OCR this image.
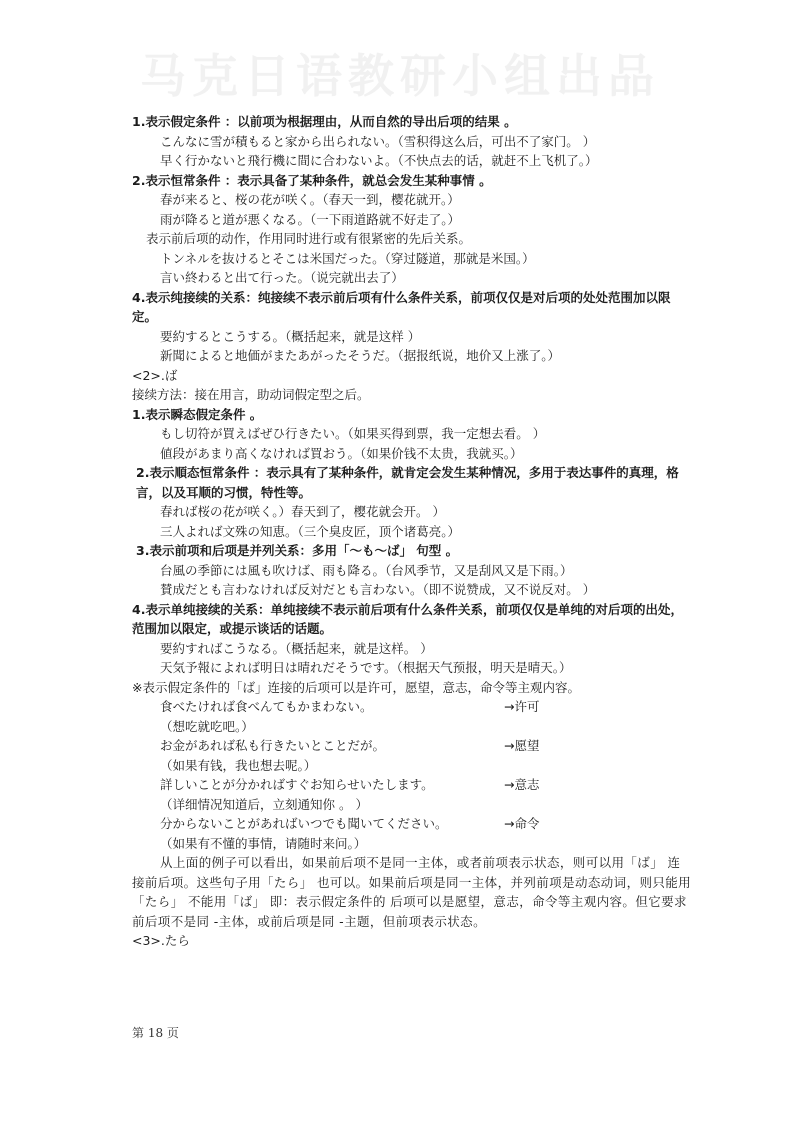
马克日语教研小组出品
1.表示假定条件 ：以前项为根据理由，从而自然的导出后项的结果 。
こんなに雪が積もると家から出られない。（雪积得这么后，可出不了家门。 ）
早く行かないと飛行機に間に合わないよ。（不快点去的话，就赶不上飞机了。）
2.表示恒常条件 ：表示具备了某种条件，就总会发生某种事情 。
春が来ると、桜の花が咲く。（春天一到，樱花就开。）
雨が降ると道が悪くなる。（一下雨道路就不好走了。）
表示前后项的动作，作用同时进行或有很紧密的先后关系。
トンネルを抜けるとそこは米国だった。（穿过隧道，那就是米国。）
言い終わると出て行った。（说完就出去了）
4.表示纯接续的关系：纯接续不表示前后项有什么条件关系，前项仅仅是对后项的处处范围加以限定。
要約するとこうする。（概括起来，就是这样 ）
新聞によると地価がまたあがったそうだ。（据报纸说，地价又上涨了。）
<2>.ば
接续方法：接在用言，助动词假定型之后。
1.表示瞬态假定条件 。
もし切符が買えばぜひ行きたい。（如果买得到票，我一定想去看。 ）
値段があまり高くなければ買おう。（如果价钱不太贵，我就买。）
2.表示順态恒常条件 ：表示具有了某种条件，就肯定会发生某种情况，多用于表达事件的真理，格言，以及耳顺的习惯，特性等。
春れば桜の花が咲く。）春天到了，樱花就会开。 ）
三人よれば文殊の知恵。（三个臭皮匠，顶个诸葛亮。）
3.表示前项和后项是并列关系：多用「～も～ば」 句型 。
台風の季節には風も吹けば、雨も降る。（台风季节，又是刮风又是下雨。）
賛成だとも言わなければ反対だとも言わない。（即不说赞成，又不说反对。 ）
4.表示单纯接续的关系：单纯接续不表示前后项有什么条件关系，前项仅仅是单纯的对后项的出处，范围加以限定，或提示谈话的话题。
要約すればこうなる。（概括起来，就是这样。 ）
天気予報によれば明日は晴れだそうです。（根据天气预报，明天是晴天。）
※表示假定条件的「ば」连接的后项可以是许可，愿望，意志，命令等主观内容。
食べたければ食べんてもかまわない。	→许可
（想吃就吃吧。）
お金があれば私も行きたいとことだが。	→愿望
（如果有钱，我也想去呢。）
詳しいことが分かればすぐお知らせいたします。	→意志
（详细情况知道后，立刻通知你 。 ）
分からないことがあればいつでも聞いてください。	→命令
（如果有不懂的事情，请随时来问。）
从上面的例子可以看出，如果前后项不是同一主体，或者前项表示状态，则可以用「ば」 连接前后项。这些句子用「たら」 也可以。如果前后项是同一主体，并列前项是动态动词，则只能用「たら」 不能用「ば」 即：表示假定条件的 后项可以是愿望，意志，命令等主观内容。但它要求前后项不是同 -主体，或前后项是同 -主题，但前项表示状态。
<3>.たら
第 18 页
